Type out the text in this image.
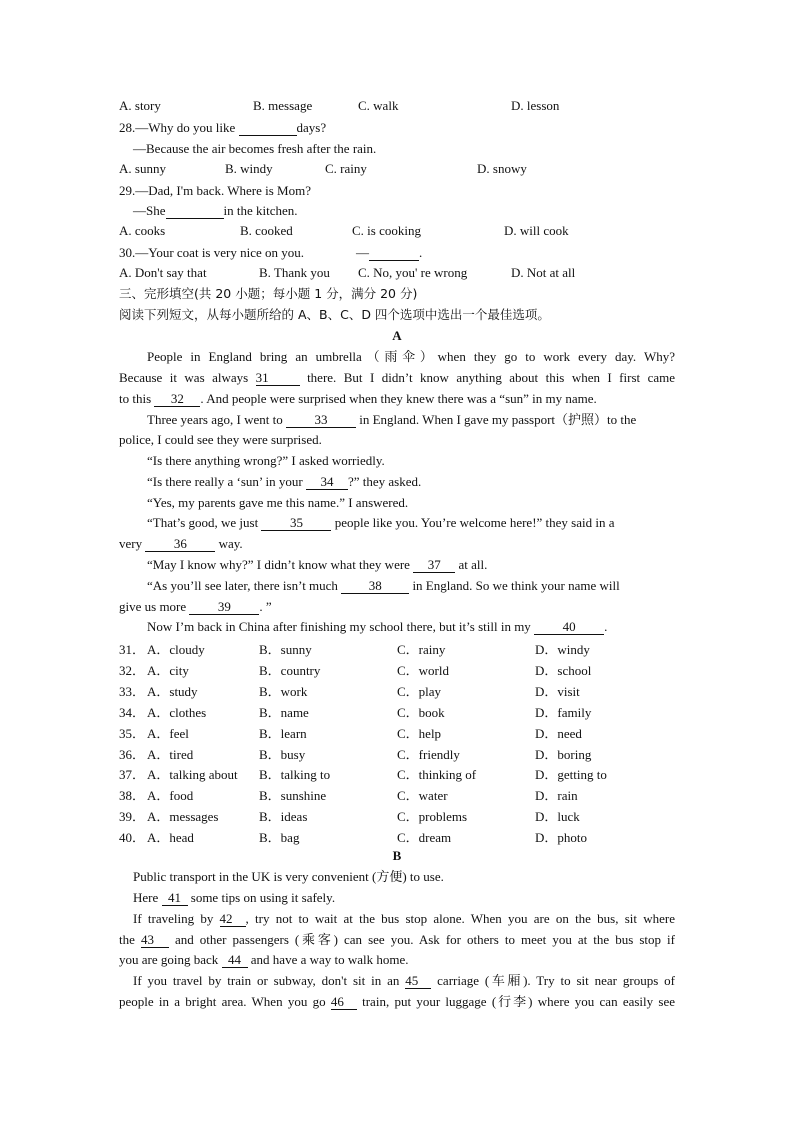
A. story	B. message	C. walk	D. lesson
28.—Why do you like	days?
—Because the air becomes fresh after the rain.
A. sunny	B. windy	C. rainy	D. snowy
29.—Dad, I'm back. Where is Mom?
—She	in the kitchen.
A. cooks	B. cooked	C. is cooking	D. will cook
30.—Your coat is very nice on you.	—	.
A. Don't say that	B. Thank you C. No, you' re wrong	D. Not at all
三、完形填空(共 20 小题；每小题 1 分，满分 20 分)
阅读下列短文，从每小题所给的 A、B、C、D 四个选项中选出一个最佳选项。
A
People in England bring an umbrella（雨伞）when they go to work every day. Why?
Because it was always 31 there. But I didn’t know anything about this when I first came
to this 32 . And people were surprised when they knew there was a “sun” in my name.
Three years ago, I went to 33 in England. When I gave my passport（护照）to the
police, I could see they were surprised.
“Is there anything wrong?” I asked worriedly.
“Is there really a ‘sun’ in your 34 ?” they asked.
“Yes, my parents gave me this name.” I answered.
“That’s good, we just 35 people like you. You’re welcome here!” they said in a
very 36 way.
“May I know why?” I didn’t know what they were 37 at all.
“As you’ll see later, there isn’t much 38 in England. So we think your name will
give us more 39 . ”
Now I’m back in China after finishing my school there, but it’s still in my 40 .
31． A．cloudy	B．sunny	C．rainy	D．windy
32． A．city	B．country	C．world	D．school
33． A．study	B．work	C．play	D．visit
34． A．clothes	B．name	C．book	D．family
35． A．feel	B．learn	C．help	D．need
36． A．tired	B．busy	C．friendly	D．boring
37． A．talking about B．talking to	C．thinking of	D．getting to
38． A．food	B．sunshine	C．water	D．rain
39． A．messages	B．ideas	C．problems	D．luck
40． A．head	B．bag	C．dream	D．photo
B
Public transport in the UK is very convenient (方便) to use.
Here 41 some tips on using it safely.
If traveling by 42 , try not to wait at the bus stop alone. When you are on the bus, sit where
the 43 and other passengers (乘客) can see you. Ask for others to meet you at the bus stop if
you are going back 44 and have a way to walk home.
If you travel by train or subway, don't sit in an 45 carriage (车厢). Try to sit near groups of
people in a bright area. When you go 46 train, put your luggage (行李) where you can easily see
